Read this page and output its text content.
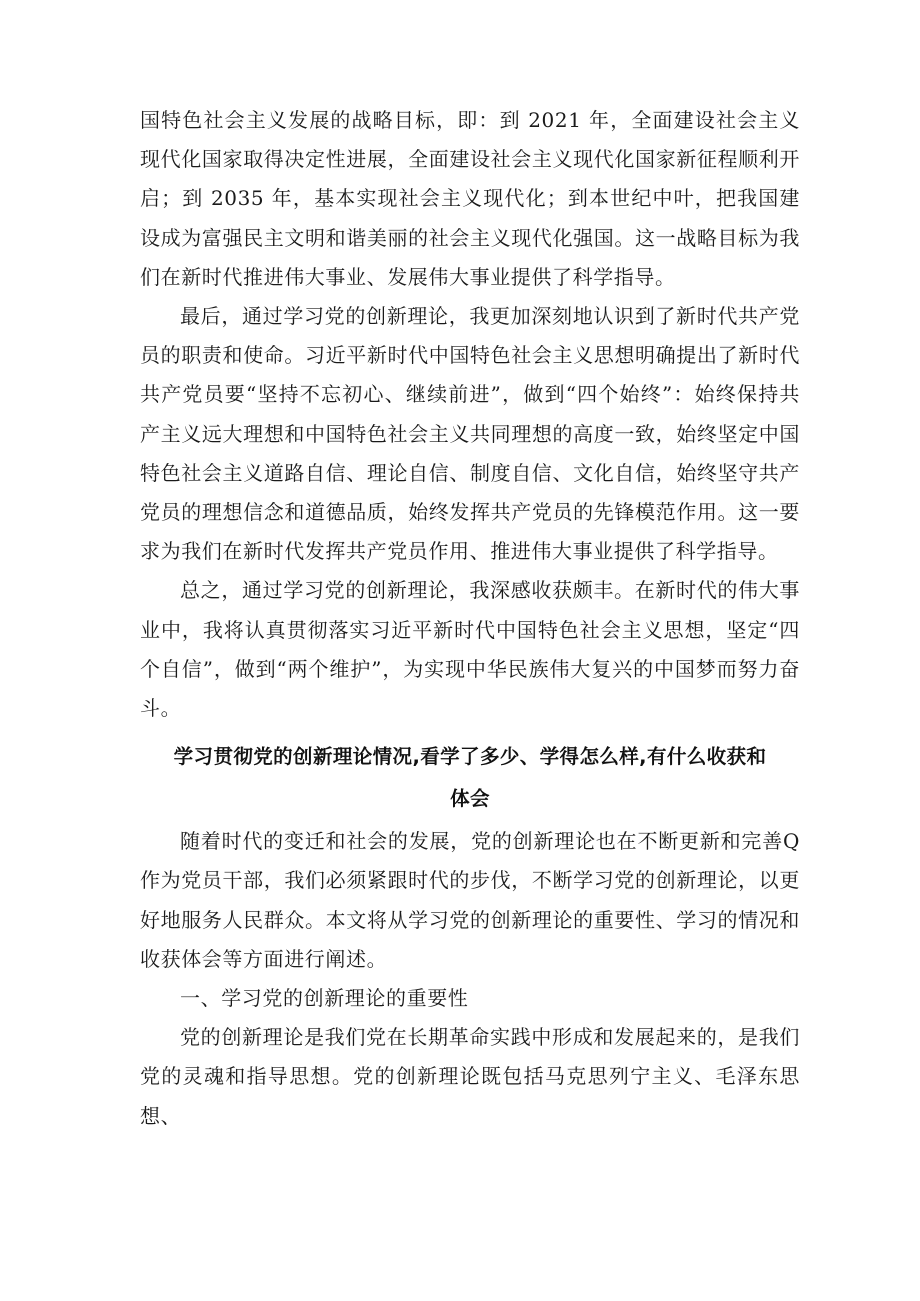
国特色社会主义发展的战略目标，即：到 2021 年，全面建设社会主义现代化国家取得决定性进展，全面建设社会主义现代化国家新征程顺利开启；到 2035 年，基本实现社会主义现代化；到本世纪中叶，把我国建设成为富强民主文明和谐美丽的社会主义现代化强国。这一战略目标为我们在新时代推进伟大事业、发展伟大事业提供了科学指导。

最后，通过学习党的创新理论，我更加深刻地认识到了新时代共产党员的职责和使命。习近平新时代中国特色社会主义思想明确提出了新时代共产党员要“坚持不忘初心、继续前进”，做到“四个始终”：始终保持共产主义远大理想和中国特色社会主义共同理想的高度一致，始终坚定中国特色社会主义道路自信、理论自信、制度自信、文化自信，始终坚守共产党员的理想信念和道德品质，始终发挥共产党员的先锋模范作用。这一要求为我们在新时代发挥共产党员作用、推进伟大事业提供了科学指导。

总之，通过学习党的创新理论，我深感收获颇丰。在新时代的伟大事业中，我将认真贯彻落实习近平新时代中国特色社会主义思想，坚定“四个自信”，做到“两个维护”，为实现中华民族伟大复兴的中国梦而努力奋斗。

学习贯彻党的创新理论情况,看学了多少、学得怎么样,有什么收获和

体会

随着时代的变迁和社会的发展，党的创新理论也在不断更新和完善Q作为党员干部，我们必须紧跟时代的步伐，不断学习党的创新理论，以更好地服务人民群众。本文将从学习党的创新理论的重要性、学习的情况和收获体会等方面进行阐述。

一、学习党的创新理论的重要性

党的创新理论是我们党在长期革命实践中形成和发展起来的，是我们党的灵魂和指导思想。党的创新理论既包括马克思列宁主义、毛泽东思想、
